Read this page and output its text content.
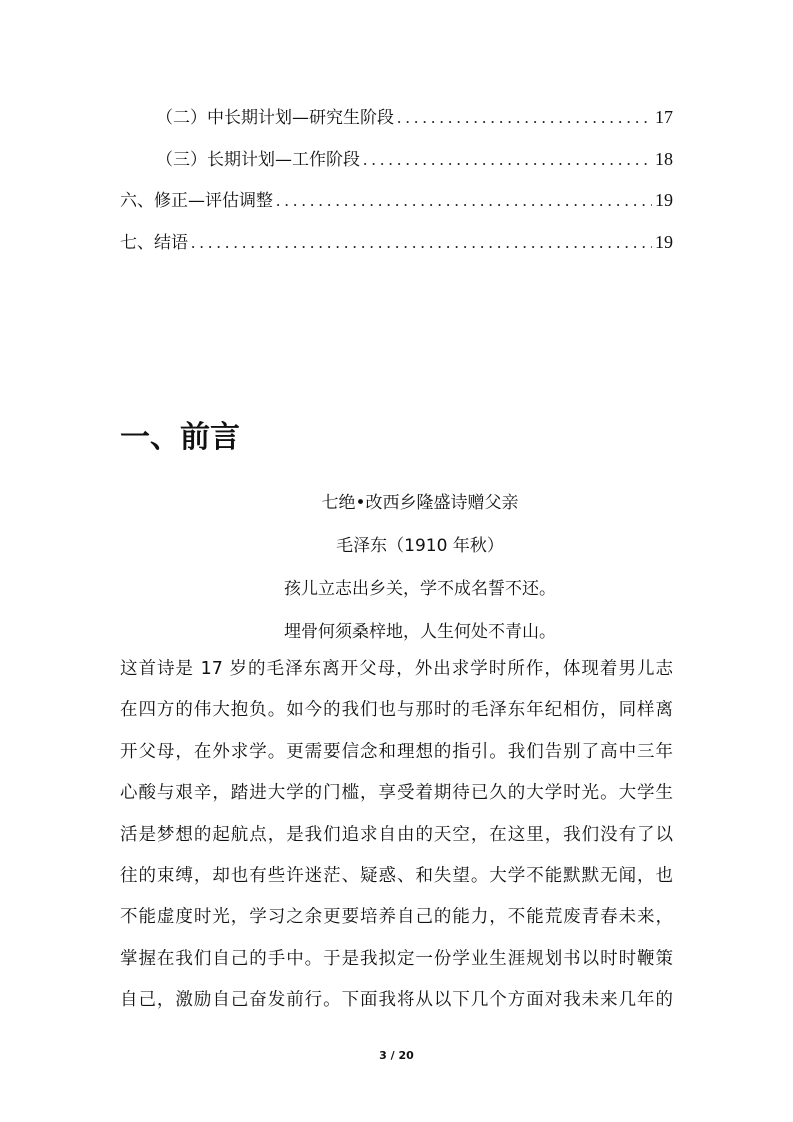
（二）中长期计划—研究生阶段 . . .	17
（三）长期计划—工作阶段 . . .	18
六、修正—评估调整 . . .	19
七、结语 . . .	19
一、前言
七绝•改西乡隆盛诗赠父亲
毛泽东（1910 年秋）
孩儿立志出乡关，学不成名誓不还。
埋骨何须桑梓地，人生何处不青山。
这首诗是 17 岁的毛泽东离开父母，外出求学时所作，体现着男儿志
在四方的伟大抱负。如今的我们也与那时的毛泽东年纪相仿，同样离
开父母，在外求学。更需要信念和理想的指引。我们告别了高中三年
心酸与艰辛，踏进大学的门槛，享受着期待已久的大学时光。大学生
活是梦想的起航点，是我们追求自由的天空，在这里，我们没有了以
往的束缚，却也有些许迷茫、疑惑、和失望。大学不能默默无闻，也
不能虚度时光，学习之余更要培养自己的能力，不能荒废青春未来，
掌握在我们自己的手中。于是我拟定一份学业生涯规划书以时时鞭策
自己，激励自己奋发前行。下面我将从以下几个方面对我未来几年的
3 / 20
